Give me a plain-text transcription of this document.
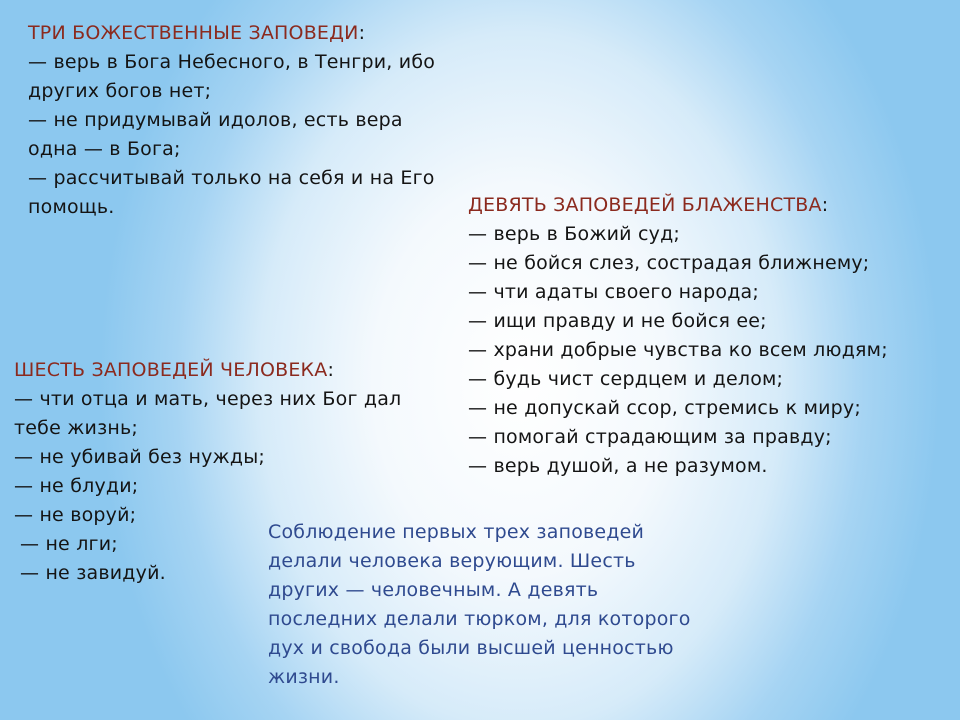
ТРИ БОЖЕСТВЕННЫЕ ЗАПОВЕДИ:
— верь в Бога Небесного, в Тенгри, ибо
других богов нет;
— не придумывай идолов, есть вера
одна — в Бога;
— рассчитывай только на себя и на Его
помощь.	ДЕВЯТЬ ЗАПОВЕДЕЙ БЛАЖЕНСТВА:
— верь в Божий суд;
— не бойся слез, сострадая ближнему;
— чти адаты своего народа;
— ищи правду и не бойся ее;
— храни добрые чувства ко всем людям;
— будь чист сердцем и делом;
— не допускай ссор, стремись к миру;
— помогай страдающим за правду;
— верь душой, а не разумом.
ШЕСТЬ ЗАПОВЕДЕЙ ЧЕЛОВЕКА:
— чти отца и мать, через них Бог дал
тебе жизнь;
— не убивай без нужды;
— не блуди;
— не воруй;
— не лги;
— не завидуй.
Соблюдение первых трех заповедей
делали человека верующим. Шесть
других — человечным. А девять
последних делали тюрком, для которого
дух и свобода были высшей ценностью
жизни.
